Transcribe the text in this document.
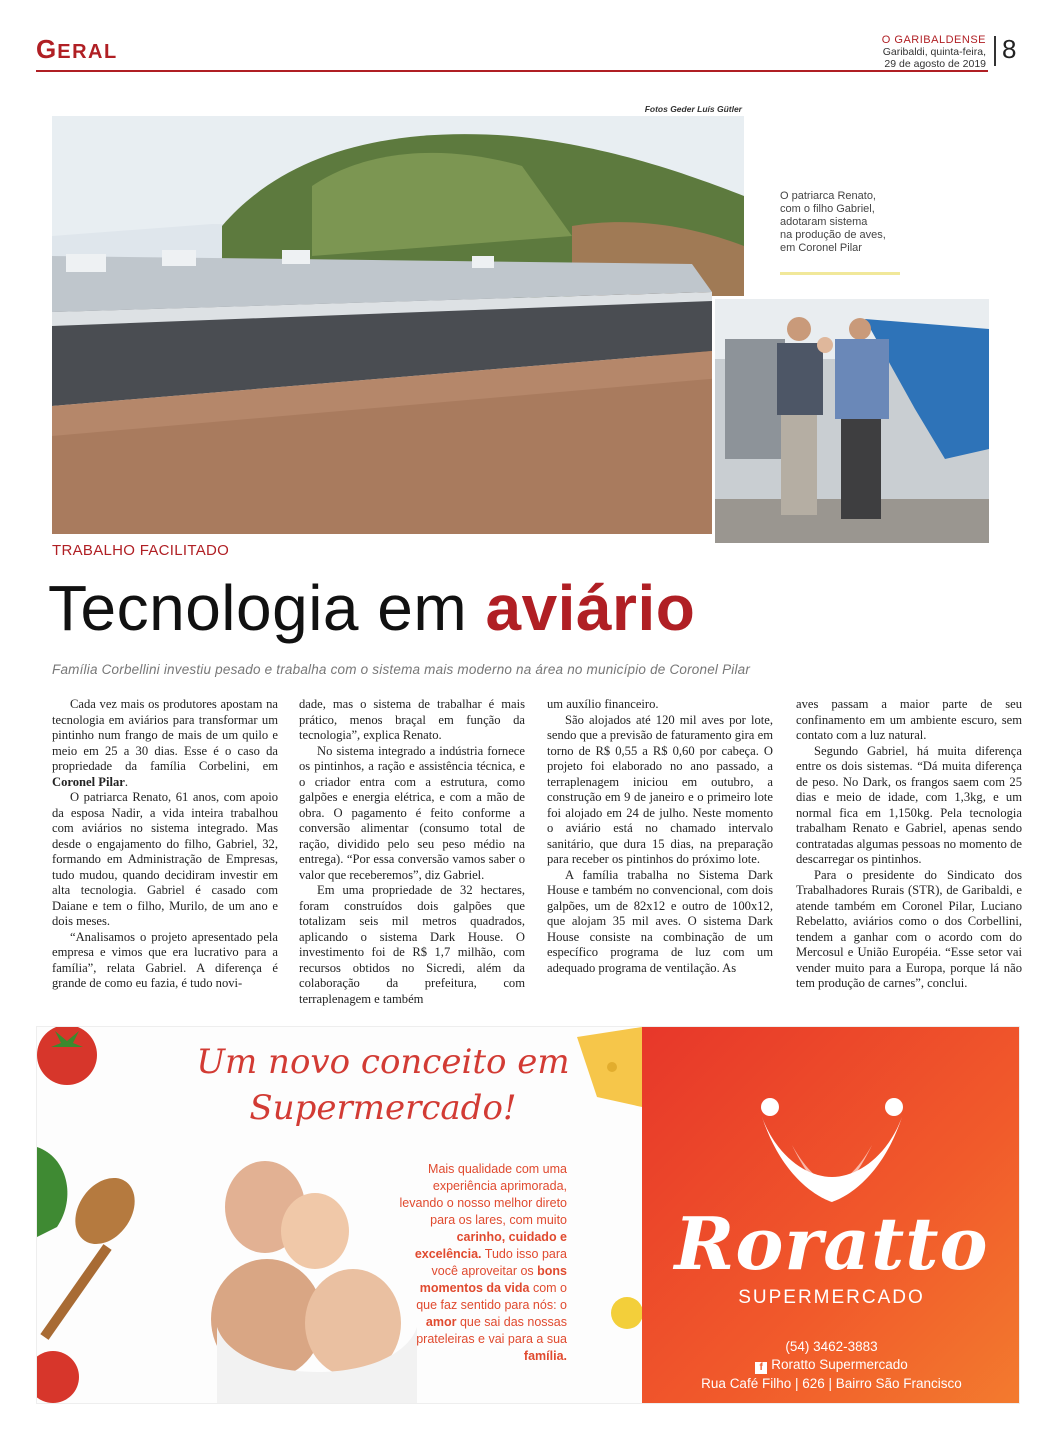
GERAL
O GARIBALDENSE
Garibaldi, quinta-feira,
29 de agosto de 2019 8
Fotos Geder Luís Gütler
O patriarca Renato,
com o filho Gabriel,
adotaram sistema
na produção de aves,
em Coronel Pilar
TRABALHO FACILITADO
Tecnologia em aviário
Família Corbellini investiu pesado e trabalha com o sistema mais moderno na área no município de Coronel Pilar

Cada vez mais os produtores apostam na tecnologia em aviários para transformar um pintinho num frango de mais de um quilo e meio em 25 a 30 dias. Esse é o caso da propriedade da família Corbelini, em Coronel Pilar.

O patriarca Renato, 61 anos, com apoio da esposa Nadir, a vida inteira trabalhou com aviários no sistema integrado. Mas desde o engajamento do filho, Gabriel, 32, formando em Administração de Empresas, tudo mudou, quando decidiram investir em alta tecnologia. Gabriel é casado com Daiane e tem o filho, Murilo, de um ano e dois meses.

“Analisamos o projeto apresentado pela empresa e vimos que era lucrativo para a família”, relata Gabriel. A diferença é grande de como eu fazia, é tudo novi-

dade, mas o sistema de trabalhar é mais prático, menos braçal em função da tecnologia”, explica Renato.

No sistema integrado a indústria fornece os pintinhos, a ração e assistência técnica, e o criador entra com a estrutura, como galpões e energia elétrica, e com a mão de obra. O pagamento é feito conforme a conversão alimentar (consumo total de ração, dividido pelo seu peso médio na entrega). “Por essa conversão vamos saber o valor que receberemos”, diz Gabriel.

Em uma propriedade de 32 hectares, foram construídos dois galpões que totalizam seis mil metros quadrados, aplicando o sistema Dark House. O investimento foi de R$ 1,7 milhão, com recursos obtidos no Sicredi, além da colaboração da prefeitura, com terraplenagem e também

um auxílio financeiro.

São alojados até 120 mil aves por lote, sendo que a previsão de faturamento gira em torno de R$ 0,55 a R$ 0,60 por cabeça. O projeto foi elaborado no ano passado, a terraplenagem iniciou em outubro, a construção em 9 de janeiro e o primeiro lote foi alojado em 24 de julho. Neste momento o aviário está no chamado intervalo sanitário, que dura 15 dias, na preparação para receber os pintinhos do próximo lote.

A família trabalha no Sistema Dark House e também no convencional, com dois galpões, um de 82x12 e outro de 100x12, que alojam 35 mil aves. O sistema Dark House consiste na combinação de um específico programa de luz com um adequado programa de ventilação. As

aves passam a maior parte de seu confinamento em um ambiente escuro, sem contato com a luz natural.

Segundo Gabriel, há muita diferença entre os dois sistemas. “Dá muita diferença de peso. No Dark, os frangos saem com 25 dias e meio de idade, com 1,3kg, e um normal fica em 1,150kg. Pela tecnologia trabalham Renato e Gabriel, apenas sendo contratadas algumas pessoas no momento de descarregar os pintinhos.

Para o presidente do Sindicato dos Trabalhadores Rurais (STR), de Garibaldi, e atende também em Coronel Pilar, Luciano Rebelatto, aviários como o dos Corbellini, tendem a ganhar com o acordo com do Mercosul e União Européia. “Esse setor vai vender muito para a Europa, porque lá não tem produção de carnes”, conclui.

Um novo conceito em
Supermercado!
Mais qualidade com uma experiência aprimorada, levando o nosso melhor direto para os lares, com muito carinho, cuidado e excelência. Tudo isso para você aproveitar os bons momentos da vida com o que faz sentido para nós: o amor que sai das nossas prateleiras e vai para a sua família.
Roratto
SUPERMERCADO
(54) 3462-3883
f Roratto Supermercado
Rua Café Filho | 626 | Bairro São Francisco
